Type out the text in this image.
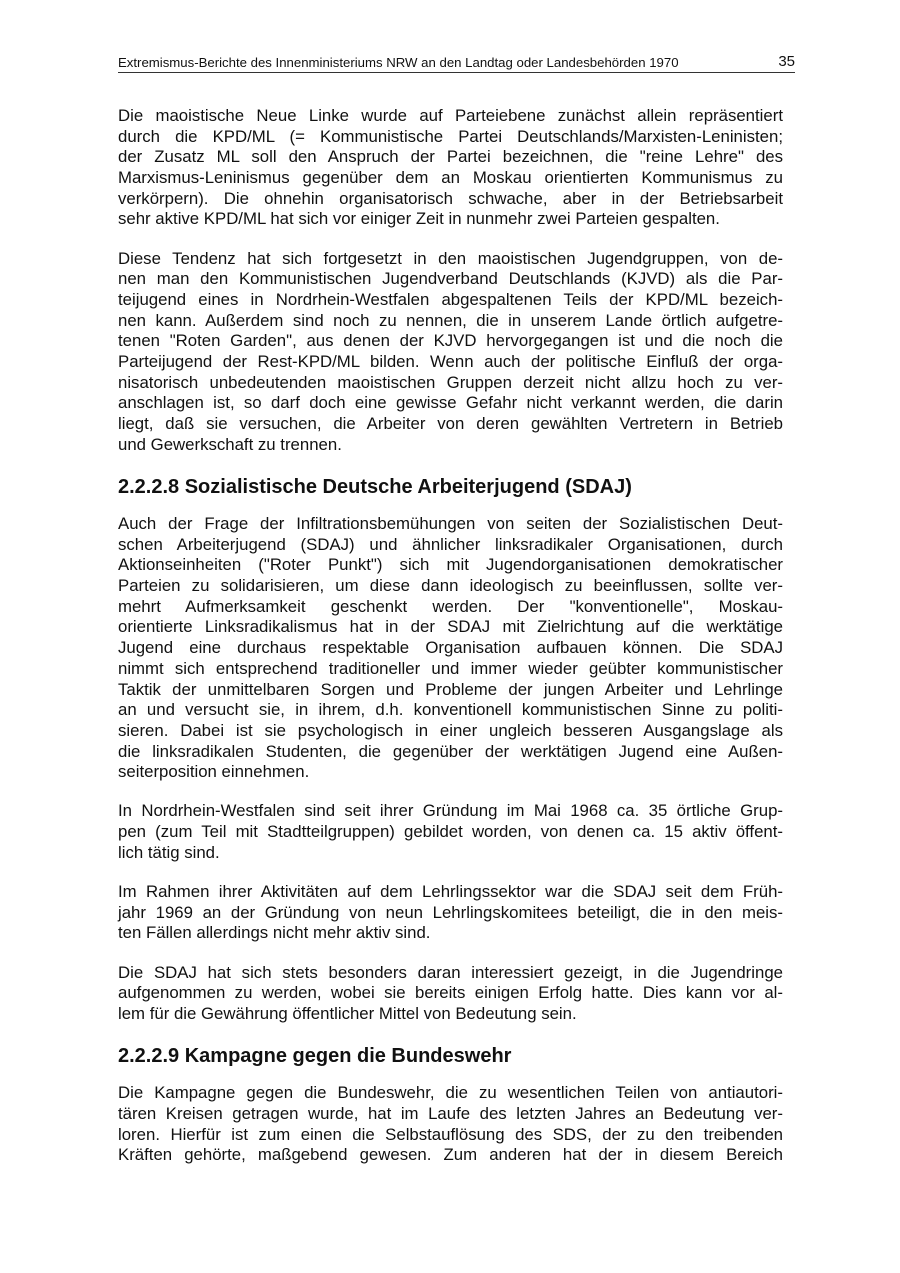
Extremismus-Berichte des Innenministeriums NRW an den Landtag oder Landesbehörden 1970	35
Die maoistische Neue Linke wurde auf Parteiebene zunächst allein repräsentiert
durch die KPD/ML (= Kommunistische Partei Deutschlands/Marxisten-Leninisten;
der Zusatz ML soll den Anspruch der Partei bezeichnen, die "reine Lehre" des
Marxismus-Leninismus gegenüber dem an Moskau orientierten Kommunismus zu
verkörpern). Die ohnehin organisatorisch schwache, aber in der Betriebsarbeit
sehr aktive KPD/ML hat sich vor einiger Zeit in nunmehr zwei Parteien gespalten.
Diese Tendenz hat sich fortgesetzt in den maoistischen Jugendgruppen, von de-
nen man den Kommunistischen Jugendverband Deutschlands (KJVD) als die Par-
teijugend eines in Nordrhein-Westfalen abgespaltenen Teils der KPD/ML bezeich-
nen kann. Außerdem sind noch zu nennen, die in unserem Lande örtlich aufgetre-
tenen "Roten Garden", aus denen der KJVD hervorgegangen ist und die noch die
Parteijugend der Rest-KPD/ML bilden. Wenn auch der politische Einfluß der orga-
nisatorisch unbedeutenden maoistischen Gruppen derzeit nicht allzu hoch zu ver-
anschlagen ist, so darf doch eine gewisse Gefahr nicht verkannt werden, die darin
liegt, daß sie versuchen, die Arbeiter von deren gewählten Vertretern in Betrieb
und Gewerkschaft zu trennen.
2.2.2.8 Sozialistische Deutsche Arbeiterjugend (SDAJ)
Auch der Frage der Infiltrationsbemühungen von seiten der Sozialistischen Deut-
schen Arbeiterjugend (SDAJ) und ähnlicher linksradikaler Organisationen, durch
Aktionseinheiten ("Roter Punkt") sich mit Jugendorganisationen demokratischer
Parteien zu solidarisieren, um diese dann ideologisch zu beeinflussen, sollte ver-
mehrt Aufmerksamkeit geschenkt werden. Der "konventionelle", Moskau-
orientierte Linksradikalismus hat in der SDAJ mit Zielrichtung auf die werktätige
Jugend eine durchaus respektable Organisation aufbauen können. Die SDAJ
nimmt sich entsprechend traditioneller und immer wieder geübter kommunistischer
Taktik der unmittelbaren Sorgen und Probleme der jungen Arbeiter und Lehrlinge
an und versucht sie, in ihrem, d.h. konventionell kommunistischen Sinne zu politi-
sieren. Dabei ist sie psychologisch in einer ungleich besseren Ausgangslage als
die linksradikalen Studenten, die gegenüber der werktätigen Jugend eine Außen-
seiterposition einnehmen.
In Nordrhein-Westfalen sind seit ihrer Gründung im Mai 1968 ca. 35 örtliche Grup-
pen (zum Teil mit Stadtteilgruppen) gebildet worden, von denen ca. 15 aktiv öffent-
lich tätig sind.
Im Rahmen ihrer Aktivitäten auf dem Lehrlingssektor war die SDAJ seit dem Früh-
jahr 1969 an der Gründung von neun Lehrlingskomitees beteiligt, die in den meis-
ten Fällen allerdings nicht mehr aktiv sind.
Die SDAJ hat sich stets besonders daran interessiert gezeigt, in die Jugendringe
aufgenommen zu werden, wobei sie bereits einigen Erfolg hatte. Dies kann vor al-
lem für die Gewährung öffentlicher Mittel von Bedeutung sein.
2.2.2.9 Kampagne gegen die Bundeswehr
Die Kampagne gegen die Bundeswehr, die zu wesentlichen Teilen von antiautori-
tären Kreisen getragen wurde, hat im Laufe des letzten Jahres an Bedeutung ver-
loren. Hierfür ist zum einen die Selbstauflösung des SDS, der zu den treibenden
Kräften gehörte, maßgebend gewesen. Zum anderen hat der in diesem Bereich
